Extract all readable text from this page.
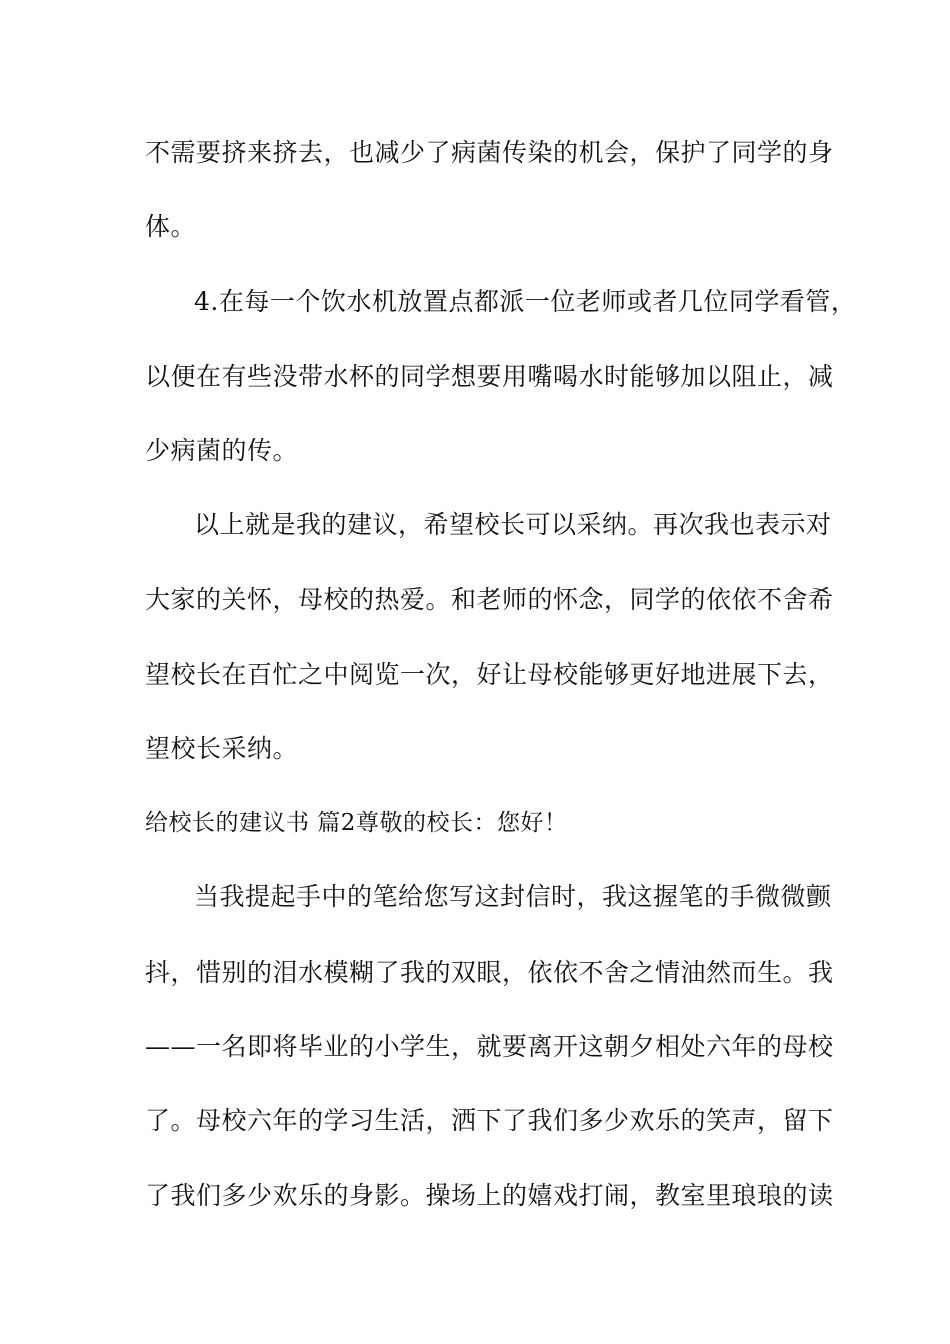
不需要挤来挤去，也减少了病菌传染的机会，保护了同学的身
体。
4.在每一个饮水机放置点都派一位老师或者几位同学看管，
以便在有些没带水杯的同学想要用嘴喝水时能够加以阻止，减
少病菌的传。
以上就是我的建议，希望校长可以采纳。再次我也表示对
大家的关怀，母校的热爱。和老师的怀念，同学的依依不舍希
望校长在百忙之中阅览一次，好让母校能够更好地进展下去，
望校长采纳。
给校长的建议书 篇2尊敬的校长：您好！
当我提起手中的笔给您写这封信时，我这握笔的手微微颤
抖，惜别的泪水模糊了我的双眼，依依不舍之情油然而生。我
——一名即将毕业的小学生，就要离开这朝夕相处六年的母校
了。母校六年的学习生活，洒下了我们多少欢乐的笑声，留下
了我们多少欢乐的身影。操场上的嬉戏打闹，教室里琅琅的读
